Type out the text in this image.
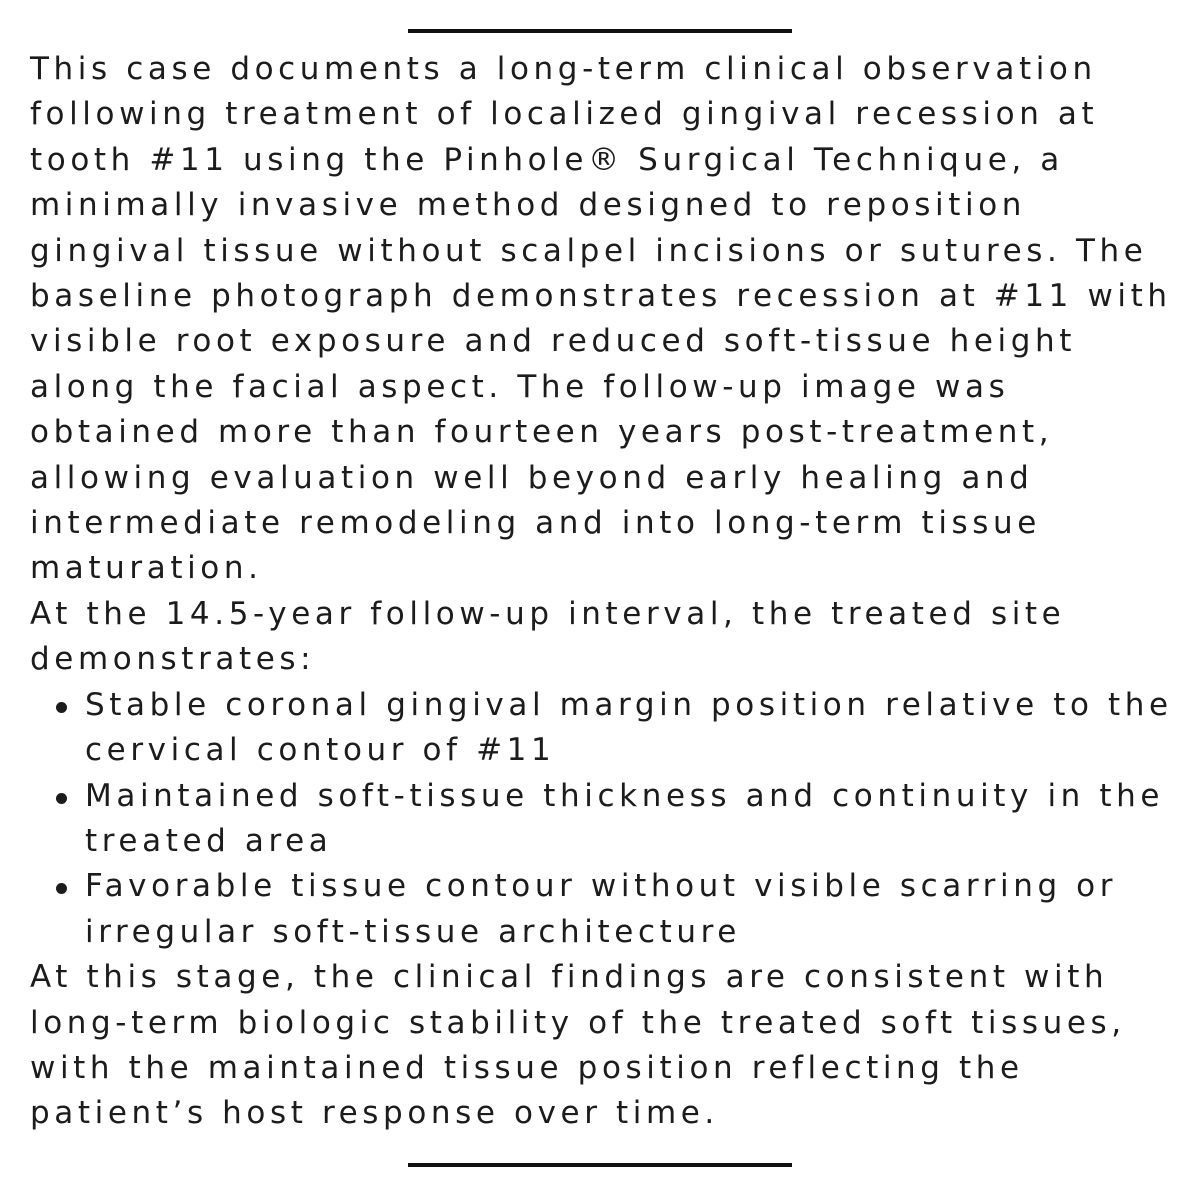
This case documents a long-term clinical observation following treatment of localized gingival recession at tooth #11 using the Pinhole® Surgical Technique, a minimally invasive method designed to reposition gingival tissue without scalpel incisions or sutures. The baseline photograph demonstrates recession at #11 with visible root exposure and reduced soft-tissue height along the facial aspect. The follow-up image was obtained more than fourteen years post-treatment, allowing evaluation well beyond early healing and intermediate remodeling and into long-term tissue maturation.

At the 14.5-year follow-up interval, the treated site demonstrates:

Stable coronal gingival margin position relative to the cervical contour of #11
Maintained soft-tissue thickness and continuity in the treated area
Favorable tissue contour without visible scarring or irregular soft-tissue architecture

At this stage, the clinical findings are consistent with long-term biologic stability of the treated soft tissues, with the maintained tissue position reflecting the patient’s host response over time.
